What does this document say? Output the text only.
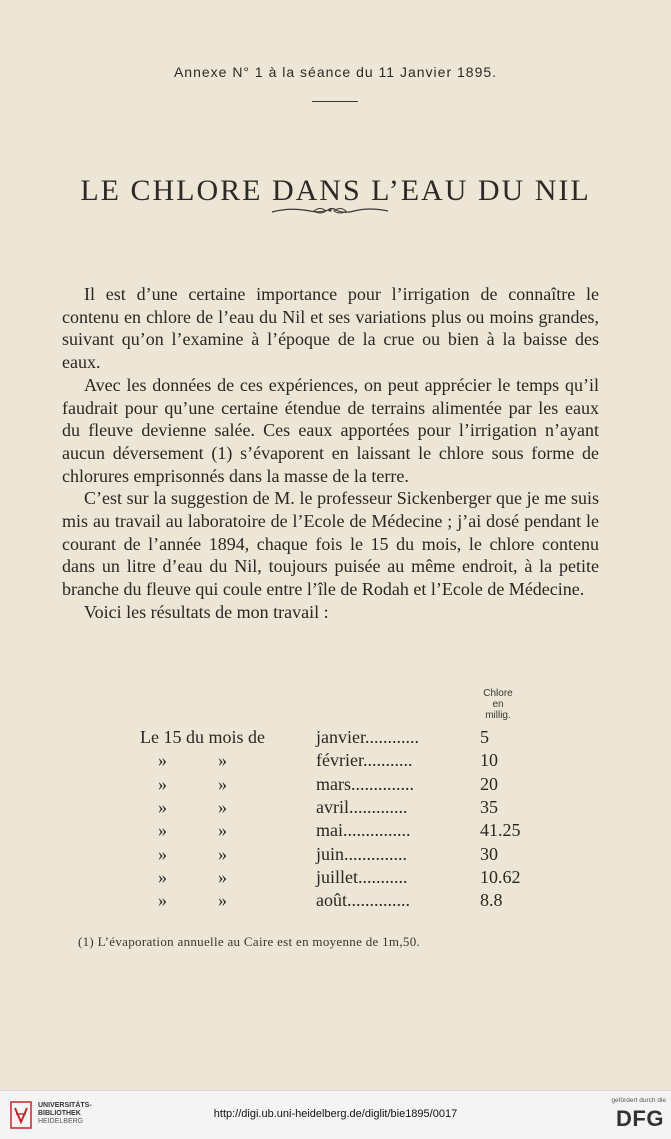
Annexe N° 1 à la séance du 11 Janvier 1895.
LE CHLORE DANS L’EAU DU NIL

Il est d’une certaine importance pour l’irrigation de connaître le contenu en chlore de l’eau du Nil et ses variations plus ou moins grandes, suivant qu’on l’examine à l’époque de la crue ou bien à la baisse des eaux.

Avec les données de ces expériences, on peut apprécier le temps qu’il faudrait pour qu’une certaine étendue de terrains alimentée par les eaux du fleuve devienne salée. Ces eaux apportées pour l’irrigation n’ayant aucun déversement (1) s’évaporent en laissant le chlore sous forme de chlorures emprisonnés dans la masse de la terre.

C’est sur la suggestion de M. le professeur Sickenberger que je me suis mis au travail au laboratoire de l’Ecole de Médecine ; j’ai dosé pendant le courant de l’année 1894, chaque fois le 15 du mois, le chlore contenu dans un litre d’eau du Nil, toujours puisée au même endroit, à la petite branche du fleuve qui coule entre l’île de Rodah et l’Ecole de Médecine.

Voici les résultats de mon travail :

Chlore
en
millig.
Le 15 du mois de	janvier............	5
» »	février...........	10
» »	mars..............	20
» »	avril.............	35
» »	mai...............	41.25
» »	juin..............	30
» »	juillet...........	10.62
» »	août..............	8.8
(1) L’évaporation annuelle au Caire est en moyenne de 1m,50.
UNIVERSITÄTS-
BIBLIOTHEK
HEIDELBERG
http://digi.ub.uni-heidelberg.de/diglit/bie1895/0017
gefördert durch die
DFG
